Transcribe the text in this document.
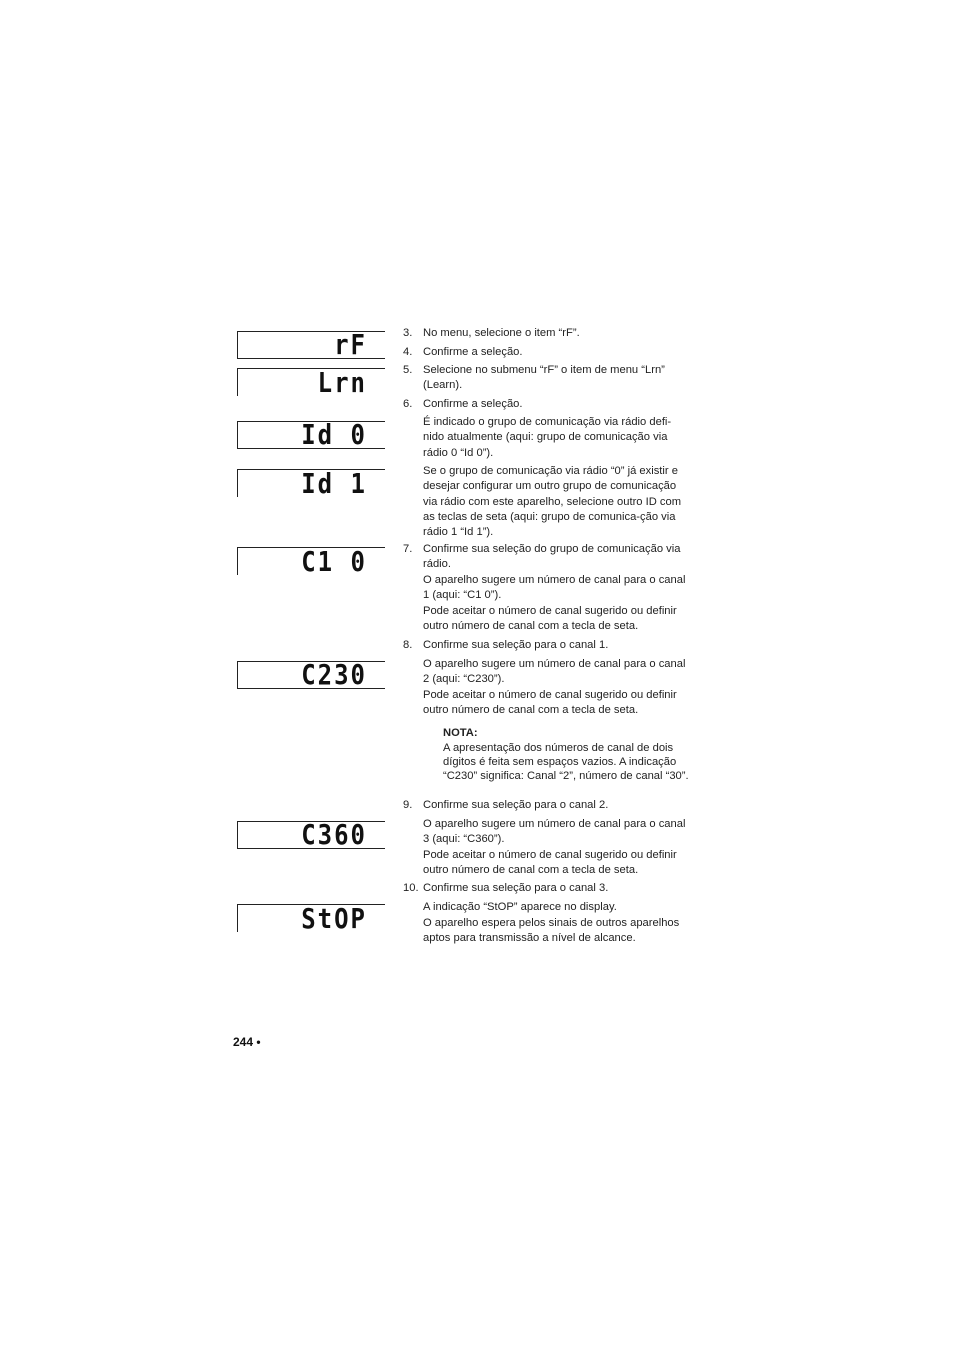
rF
Lrn
Id 0
Id 1
C1 0
C230
C360
StOP
3. No menu, selecione o item “rF”.
4. Confirme a seleção.
5. Selecione no submenu “rF” o item de menu “Lrn” (Learn).
6. Confirme a seleção.
É indicado o grupo de comunicação via rádio defi-nido atualmente (aqui: grupo de comunicação via rádio 0 “Id 0”).
Se o grupo de comunicação via rádio “0” já existir e desejar configurar um outro grupo de comunicação via rádio com este aparelho, selecione outro ID com as teclas de seta (aqui: grupo de comunica-ção via rádio 1 “Id 1”).
7. Confirme sua seleção do grupo de comunicação via rádio.
O aparelho sugere um número de canal para o canal 1 (aqui: “C1 0”).
Pode aceitar o número de canal sugerido ou definir outro número de canal com a tecla de seta.
8. Confirme sua seleção para o canal 1.
O aparelho sugere um número de canal para o canal 2 (aqui: “C230”).
Pode aceitar o número de canal sugerido ou definir outro número de canal com a tecla de seta.
NOTA:
A apresentação dos números de canal de dois dígitos é feita sem espaços vazios. A indicação “C230” significa: Canal “2”, número de canal “30”.
9. Confirme sua seleção para o canal 2.
O aparelho sugere um número de canal para o canal 3 (aqui: “C360”).
Pode aceitar o número de canal sugerido ou definir outro número de canal com a tecla de seta.
10. Confirme sua seleção para o canal 3.
A indicação “StOP” aparece no display.
O aparelho espera pelos sinais de outros aparelhos aptos para transmissão a nível de alcance.
244 •
